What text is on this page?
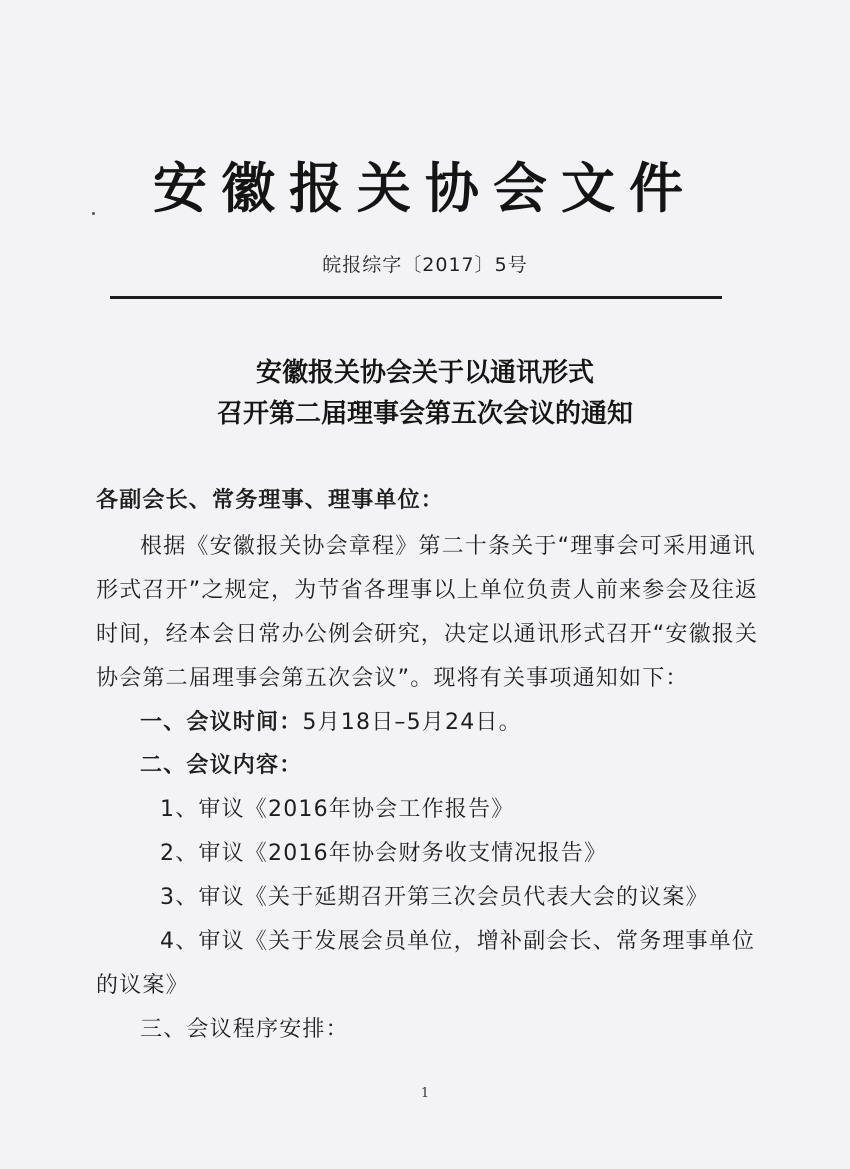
安徽报关协会文件
皖报综字〔2017〕5号
安徽报关协会关于以通讯形式
召开第二届理事会第五次会议的通知
各副会长、常务理事、理事单位：
根据《安徽报关协会章程》第二十条关于“理事会可采用通讯
形式召开”之规定，为节省各理事以上单位负责人前来参会及往返
时间，经本会日常办公例会研究，决定以通讯形式召开“安徽报关
协会第二届理事会第五次会议”。现将有关事项通知如下：
一、会议时间：5月18日–5月24日。
二、会议内容：
1、审议《2016年协会工作报告》
2、审议《2016年协会财务收支情况报告》
3、审议《关于延期召开第三次会员代表大会的议案》
4、审议《关于发展会员单位，增补副会长、常务理事单位
的议案》
三、会议程序安排：
1
